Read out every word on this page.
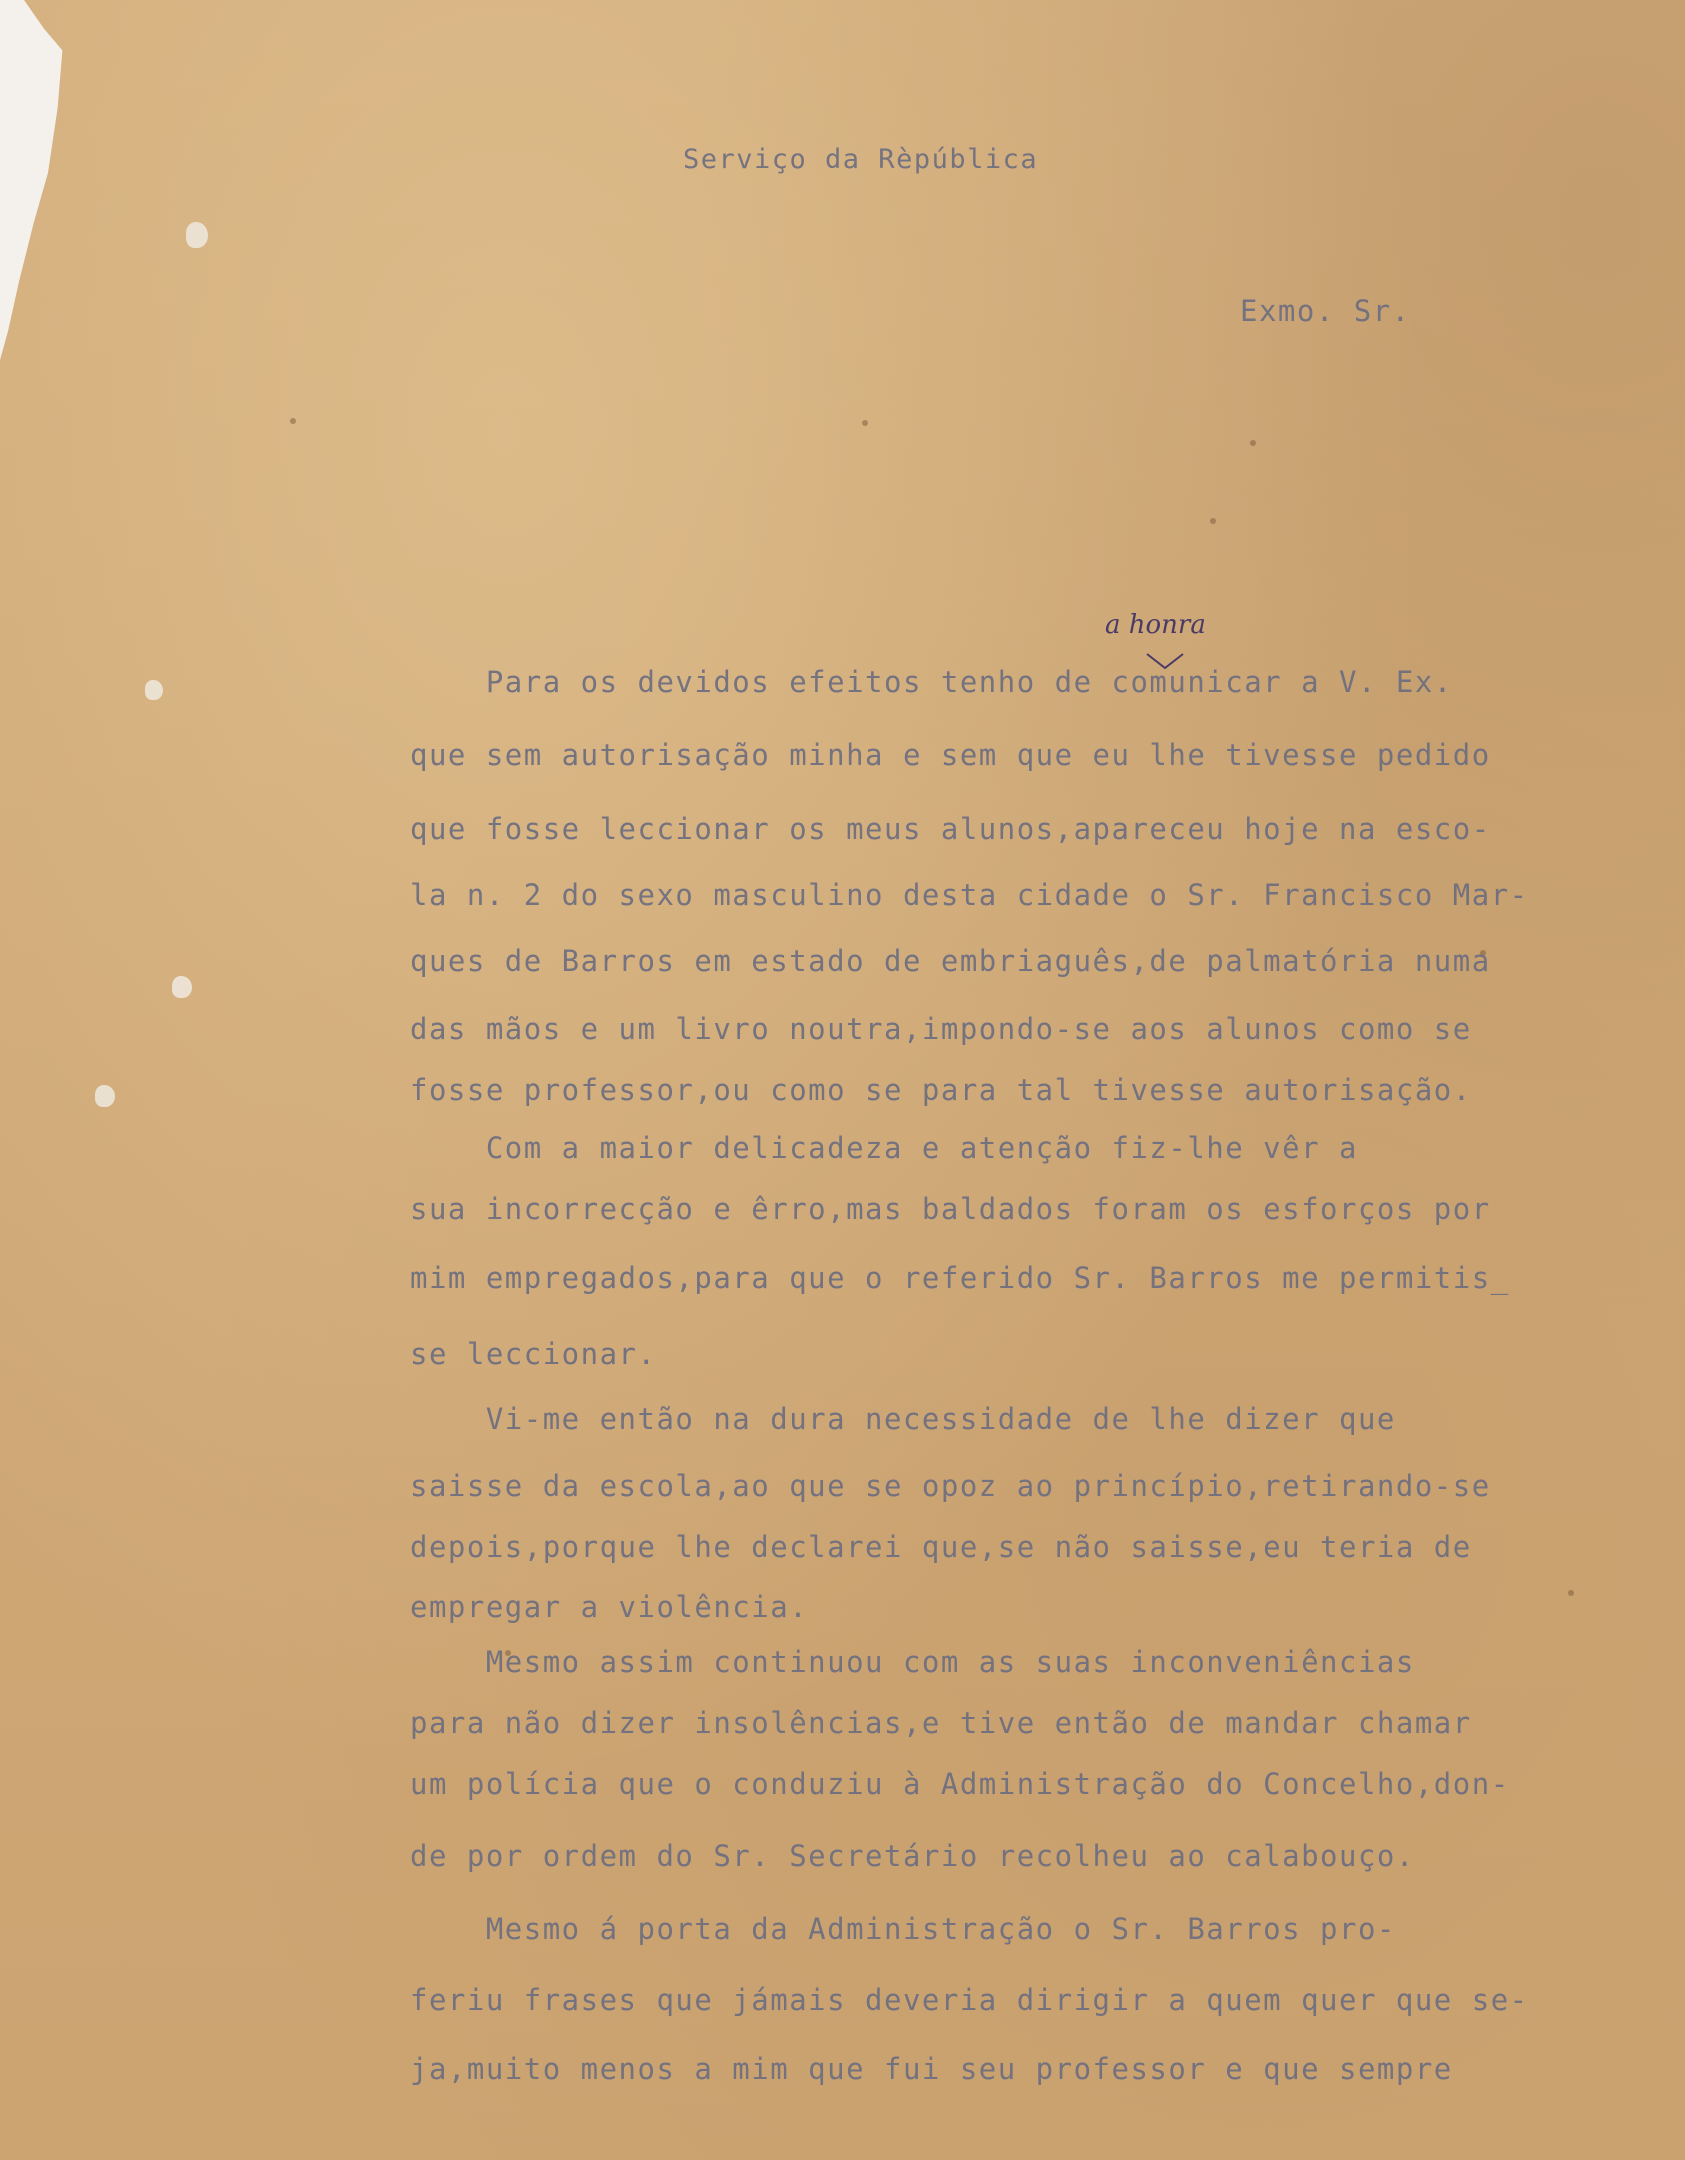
Serviço da Rèpública
Exmo. Sr.
a honra
Para os devidos efeitos tenho de comunicar a V. Ex.
que sem autorisação minha e sem que eu lhe tivesse pedido
que fosse leccionar os meus alunos,apareceu hoje na esco-
la n. 2 do sexo masculino desta cidade o Sr. Francisco Mar-
ques de Barros em estado de embriaguês,de palmatória numa
das mãos e um livro noutra,impondo-se aos alunos como se
fosse professor,ou como se para tal tivesse autorisação.
Com a maior delicadeza e atenção fiz-lhe vêr a
sua incorrecção e êrro,mas baldados foram os esforços por
mim empregados,para que o referido Sr. Barros me permitis_
se leccionar.
Vi-me então na dura necessidade de lhe dizer que
saisse da escola,ao que se opoz ao princípio,retirando-se
depois,porque lhe declarei que,se não saisse,eu teria de
empregar a violência.
Mesmo assim continuou com as suas inconveniências
para não dizer insolências,e tive então de mandar chamar
um polícia que o conduziu à Administração do Concelho,don-
de por ordem do Sr. Secretário recolheu ao calabouço.
Mesmo á porta da Administração o Sr. Barros pro-
feriu frases que jámais deveria dirigir a quem quer que se-
ja,muito menos a mim que fui seu professor e que sempre
